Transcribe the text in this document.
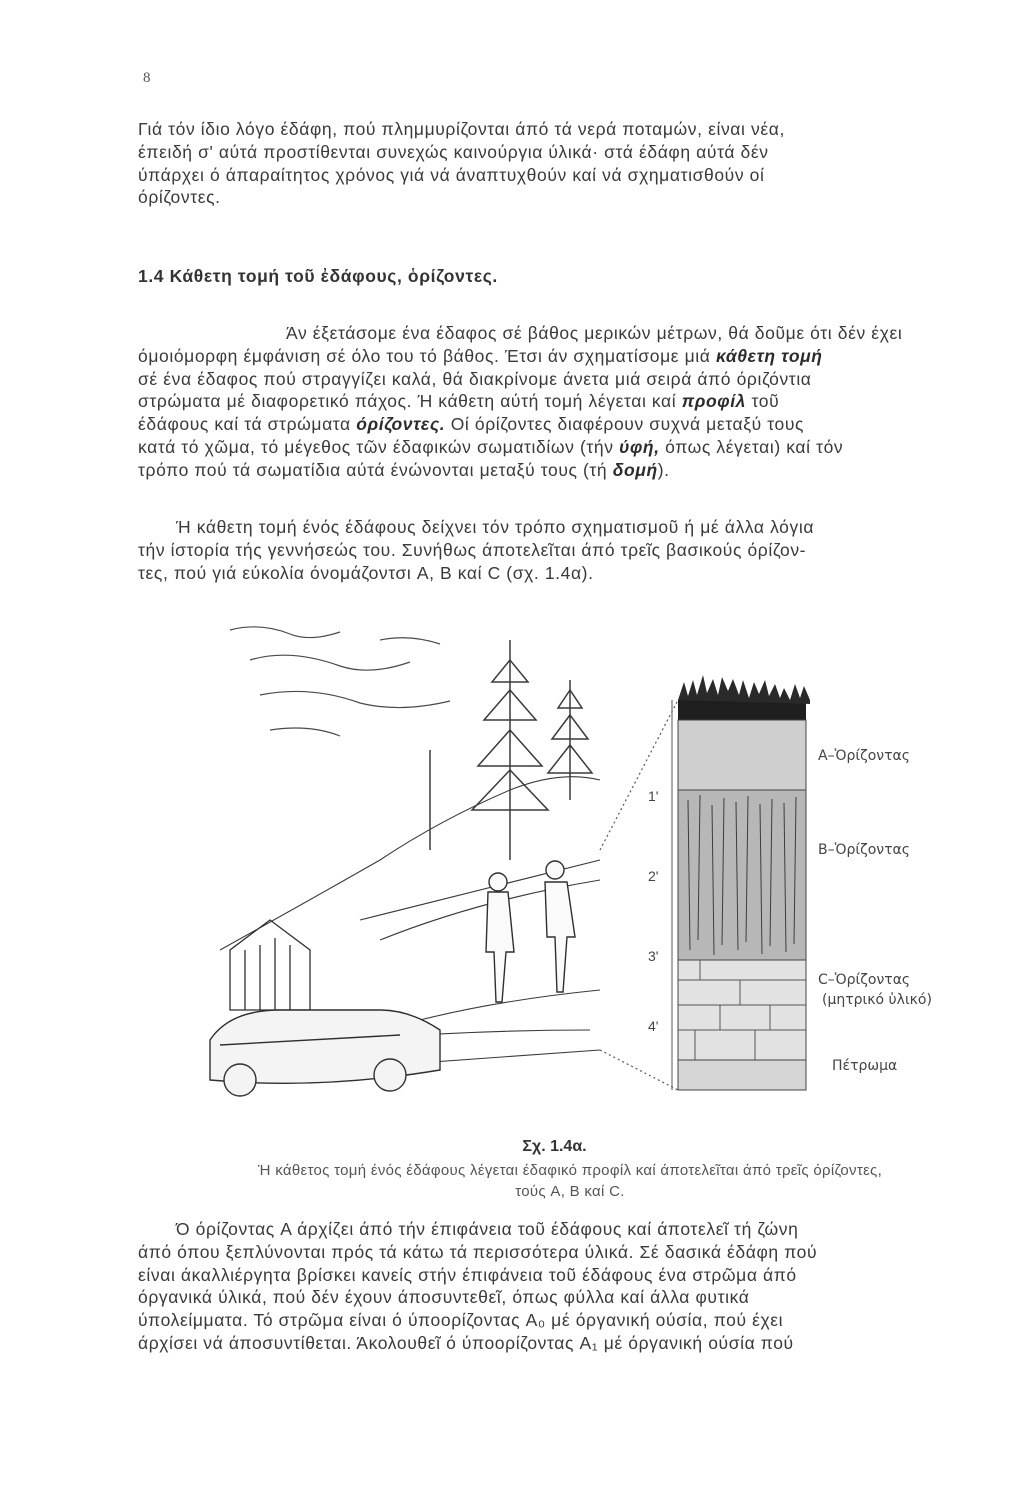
8
Γιά τόν ίδιο λόγο έδάφη, πού πλημμυρίζονται άπό τά νερά ποταμών, είναι νέα,
έπειδή σ' αύτά προστίθενται συνεχώς καινούργια ύλικά· στά έδάφη αύτά δέν
ύπάρχει ό άπαραίτητος χρόνος γιά νά άναπτυχθούν καί νά σχηματισθούν οί
όρίζοντες.
1.4 Κάθετη τομή τοῦ ἐδάφους, ὁρίζοντες.
Άν έξετάσομε ένα έδαφος σέ βάθος μερικών μέτρων, θά δοῦμε ότι δέν έχει
όμοιόμορφη έμφάνιση σέ όλο του τό βάθος. Έτσι άν σχηματίσομε μιά κάθετη τομή
σέ ένα έδαφος πού στραγγίζει καλά, θά διακρίνομε άνετα μιά σειρά άπό όριζόντια
στρώματα μέ διαφορετικό πάχος. Ή κάθετη αύτή τομή λέγεται καί προφίλ τοῦ
έδάφους καί τά στρώματα όρίζοντες. Οί όρίζοντες διαφέρουν συχνά μεταξύ τους
κατά τό χῶμα, τό μέγεθος τῶν έδαφικών σωματιδίων (τήν ύφή, όπως λέγεται) καί τόν
τρόπο πού τά σωματίδια αύτά ένώνονται μεταξύ τους (τή δομή).
Ή κάθετη τομή ένός έδάφους δείχνει τόν τρόπο σχηματισμοῦ ή μέ άλλα λόγια
τήν ίστορία τής γεννήσεώς του. Συνήθως άποτελεῖται άπό τρεῖς βασικούς όρίζον-
τες, πού γιά εύκολία όνομάζοντσι A, B καί C (σχ. 1.4α).
1'
2'
3'
4'
Α–Ὁρίζοντας
Β–Ὁρίζοντας
C–Ὁρίζοντας
(μητρικό ὑλικό)
Πέτρωμα
Σχ. 1.4α.
Ή κάθετος τομή ένός έδάφους λέγεται έδαφικό προφίλ καί άποτελεῖται άπό τρεῖς όρίζοντες,
τούς A, B καί C.
Ό όρίζοντας A άρχίζει άπό τήν έπιφάνεια τοῦ έδάφους καί άποτελεῖ τή ζώνη
άπό όπου ξεπλύνονται πρός τά κάτω τά περισσότερα ύλικά. Σέ δασικά έδάφη πού
είναι άκαλλιέργητα βρίσκει κανείς στήν έπιφάνεια τοῦ έδάφους ένα στρῶμα άπό
όργανικά ύλικά, πού δέν έχουν άποσυντεθεῖ, όπως φύλλα καί άλλα φυτικά
ύπολείμματα. Τό στρῶμα είναι ό ύποορίζοντας A₀ μέ όργανική ούσία, πού έχει
άρχίσει νά άποσυντίθεται. Άκολουθεῖ ό ύποορίζοντας A₁ μέ όργανική ούσία πού
